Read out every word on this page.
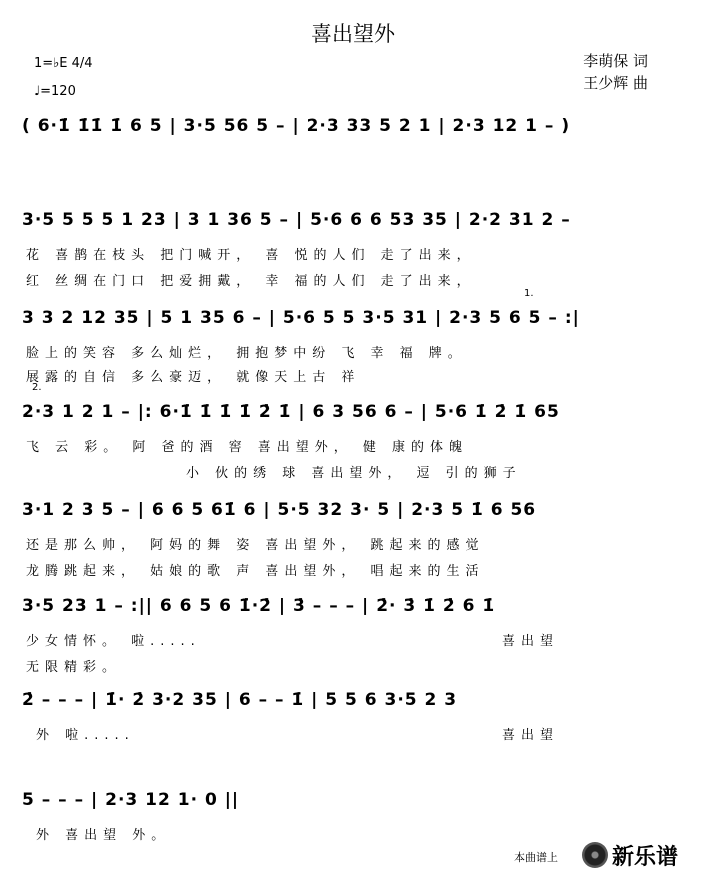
喜出望外
李萌保 词
王少辉 曲
1=♭E 4/4
♩=120
( 6·1̇ 1̇1̇ 1̇ 6 5 | 3·5 56 5 – | 2·3 33 5 2 1 | 2·3 12 1 – )
3·5 5 5 5 1 23 | 3 1 36 5 – | 5·6 6 6 53 35 | 2·2 31 2 –
花 喜鹊在枝头 把门喊开， 喜 悦的人们 走了出来，
红 丝绸在门口 把爱拥戴， 幸 福的人们 走了出来，
1.
3 3 2 12 35 | 5 1 35 6 – | 5·6 5 5 3·5 31 | 2·3 5 6 5 – :|
脸上的笑容 多么灿烂， 拥抱梦中纷 飞 幸 福 牌。
展露的自信 多么豪迈， 就像天上古 祥
2.
2·3 1 2 1 – |: 6·1̇ 1̇ 1̇ 1̇ 2̇ 1̇ | 6 3 56 6 – | 5·6 1̇ 2̇ 1̇ 65
飞 云 彩。 阿 爸的酒 窖 喜出望外， 健 康的体魄
小 伙的绣 球 喜出望外， 逗 引的狮子
3·1 2 3 5 – | 6 6 5 61̇ 6 | 5·5 32 3· 5 | 2·3 5 1̇ 6 56
还是那么帅， 阿妈的舞 姿 喜出望外， 跳起来的感觉
龙腾跳起来， 姑娘的歌 声 喜出望外， 唱起来的生活
3·5 23 1 – :|| 6 6 5 6 1̇·2̇ | 3̇ – – – | 2̇· 3̇ 1̇ 2̇ 6 1̇
少女情怀。 啦.....	喜出望
无限精彩。
2̇ – – – | 1̇· 2̇ 3·2 35 | 6 – – 1̇ | 5 5 6 3·5 2 3
外 啦.....	喜出望
5 – – – | 2·3 12 1· 0 ||
外 喜出望 外。
本曲谱上 新乐谱
